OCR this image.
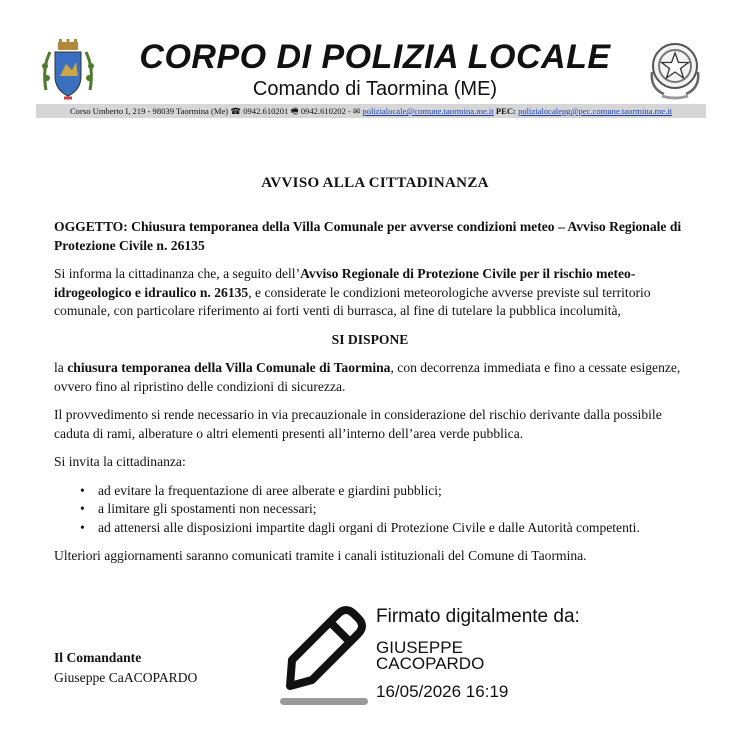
CORPO DI POLIZIA LOCALE
Comando di Taormina (ME)
Corso Umberto I, 219 - 98039 Taormina (Me) ☎ 0942.610201 🖷 0942.610202 - ✉ polizialocale@comune.taormina.me.it PEC: polizialocalepg@pec.comune.taormina.me.it
AVVISO ALLA CITTADINANZA

OGGETTO: Chiusura temporanea della Villa Comunale per avverse condizioni meteo – Avviso Regionale di Protezione Civile n. 26135

Si informa la cittadinanza che, a seguito dell’Avviso Regionale di Protezione Civile per il rischio meteo-idrogeologico e idraulico n. 26135, e considerate le condizioni meteorologiche avverse previste sul territorio comunale, con particolare riferimento ai forti venti di burrasca, al fine di tutelare la pubblica incolumità,

SI DISPONE

la chiusura temporanea della Villa Comunale di Taormina, con decorrenza immediata e fino a cessate esigenze, ovvero fino al ripristino delle condizioni di sicurezza.

Il provvedimento si rende necessario in via precauzionale in considerazione del rischio derivante dalla possibile caduta di rami, alberature o altri elementi presenti all’interno dell’area verde pubblica.

Si invita la cittadinanza:

• ad evitare la frequentazione di aree alberate e giardini pubblici;
• a limitare gli spostamenti non necessari;
• ad attenersi alle disposizioni impartite dagli organi di Protezione Civile e dalle Autorità competenti.

Ulteriori aggiornamenti saranno comunicati tramite i canali istituzionali del Comune di Taormina.

Il Comandante
Giuseppe CaACOPARDO
Firmato digitalmente da:
GIUSEPPE
CACOPARDO
16/05/2026 16:19
